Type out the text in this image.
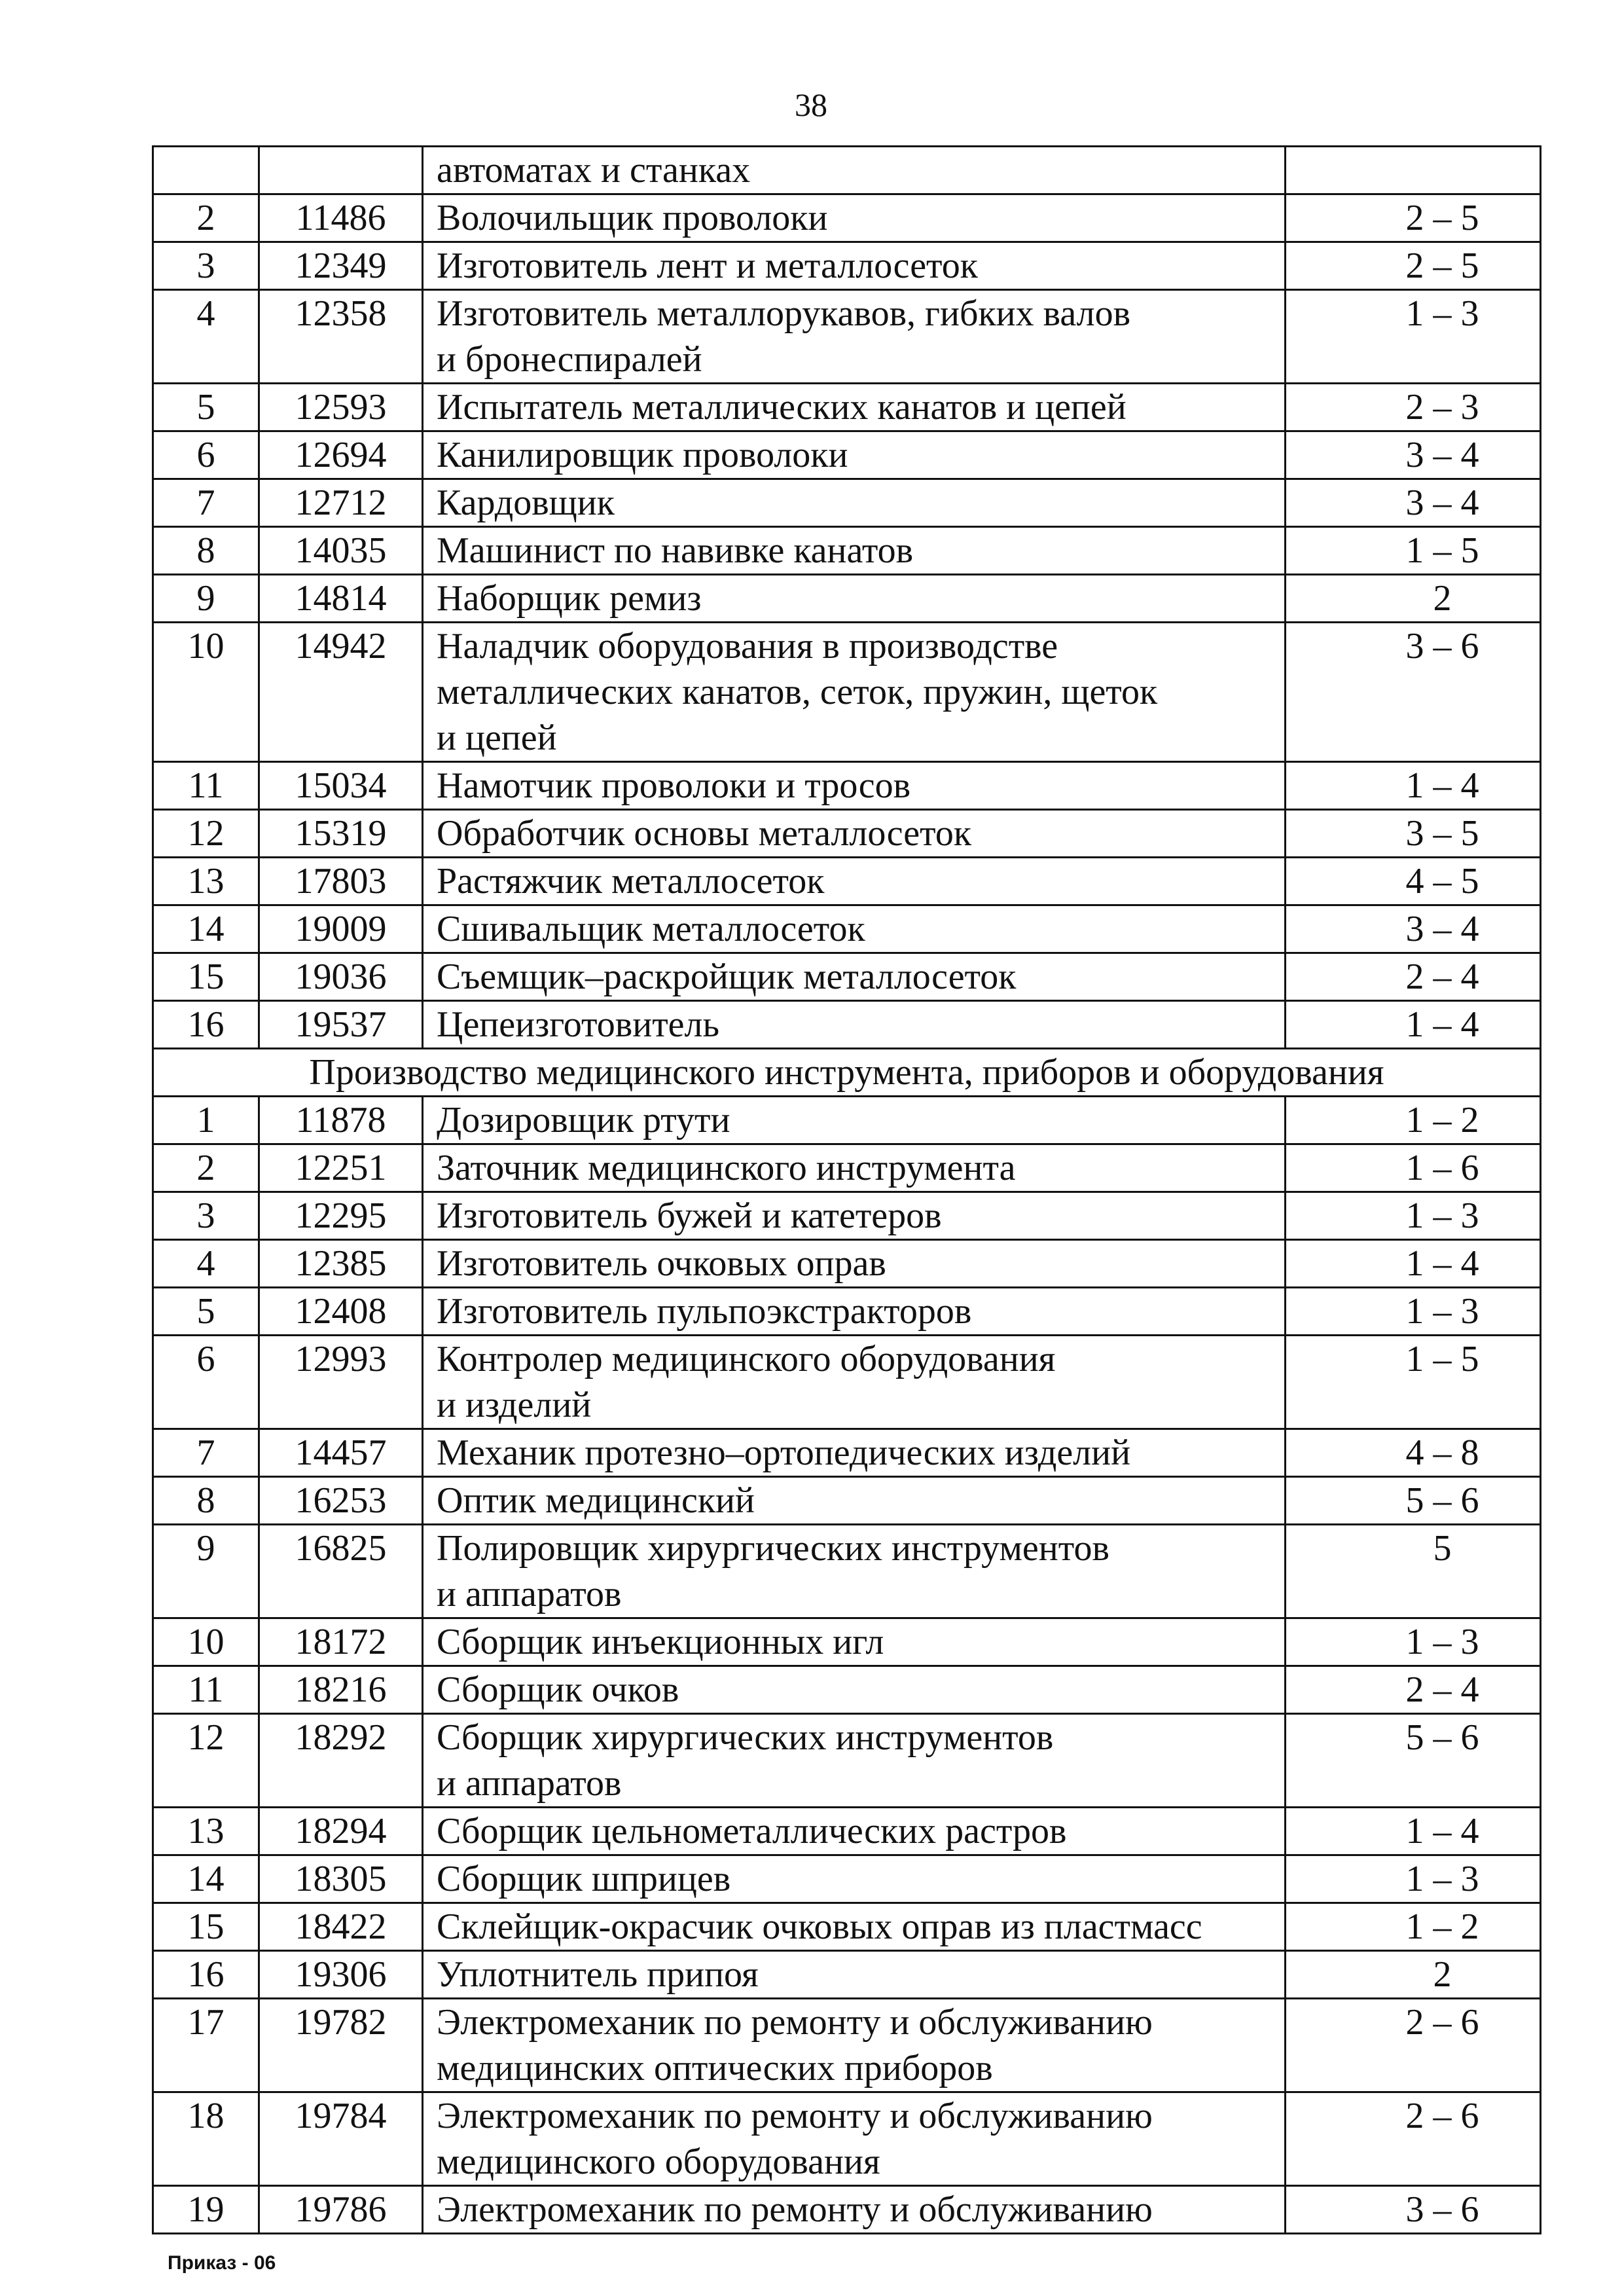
38
		автоматах и станках	
2	11486	Волочильщик проволоки	2 – 5
3	12349	Изготовитель лент и металлосеток	2 – 5
4	12358	Изготовитель металлорукавов, гибких валов
и бронеспиралей	1 – 3
5	12593	Испытатель металлических канатов и цепей	2 – 3
6	12694	Канилировщик проволоки	3 – 4
7	12712	Кардовщик	3 – 4
8	14035	Машинист по навивке канатов	1 – 5
9	14814	Наборщик ремиз	2
10	14942	Наладчик оборудования в производстве
металлических канатов, сеток, пружин, щеток
и цепей	3 – 6
11	15034	Намотчик проволоки и тросов	1 – 4
12	15319	Обработчик основы металлосеток	3 – 5
13	17803	Растяжчик металлосеток	4 – 5
14	19009	Сшивальщик металлосеток	3 – 4
15	19036	Съемщик–раскройщик металлосеток	2 – 4
16	19537	Цепеизготовитель	1 – 4
Производство медицинского инструмента, приборов и оборудования			
1	11878	Дозировщик ртути	1 – 2
2	12251	Заточник медицинского инструмента	1 – 6
3	12295	Изготовитель бужей и катетеров	1 – 3
4	12385	Изготовитель очковых оправ	1 – 4
5	12408	Изготовитель пульпоэкстракторов	1 – 3
6	12993	Контролер медицинского оборудования
и изделий	1 – 5
7	14457	Механик протезно–ортопедических изделий	4 – 8
8	16253	Оптик медицинский	5 – 6
9	16825	Полировщик хирургических инструментов
и аппаратов	5
10	18172	Сборщик инъекционных игл	1 – 3
11	18216	Сборщик очков	2 – 4
12	18292	Сборщик хирургических инструментов
и аппаратов	5 – 6
13	18294	Сборщик цельнометаллических растров	1 – 4
14	18305	Сборщик шприцев	1 – 3
15	18422	Склейщик-окрасчик очковых оправ из пластмасс	1 – 2
16	19306	Уплотнитель припоя	2
17	19782	Электромеханик по ремонту и обслуживанию
медицинских оптических приборов	2 – 6
18	19784	Электромеханик по ремонту и обслуживанию
медицинского оборудования	2 – 6
19	19786	Электромеханик по ремонту и обслуживанию	3 – 6
Приказ - 06
